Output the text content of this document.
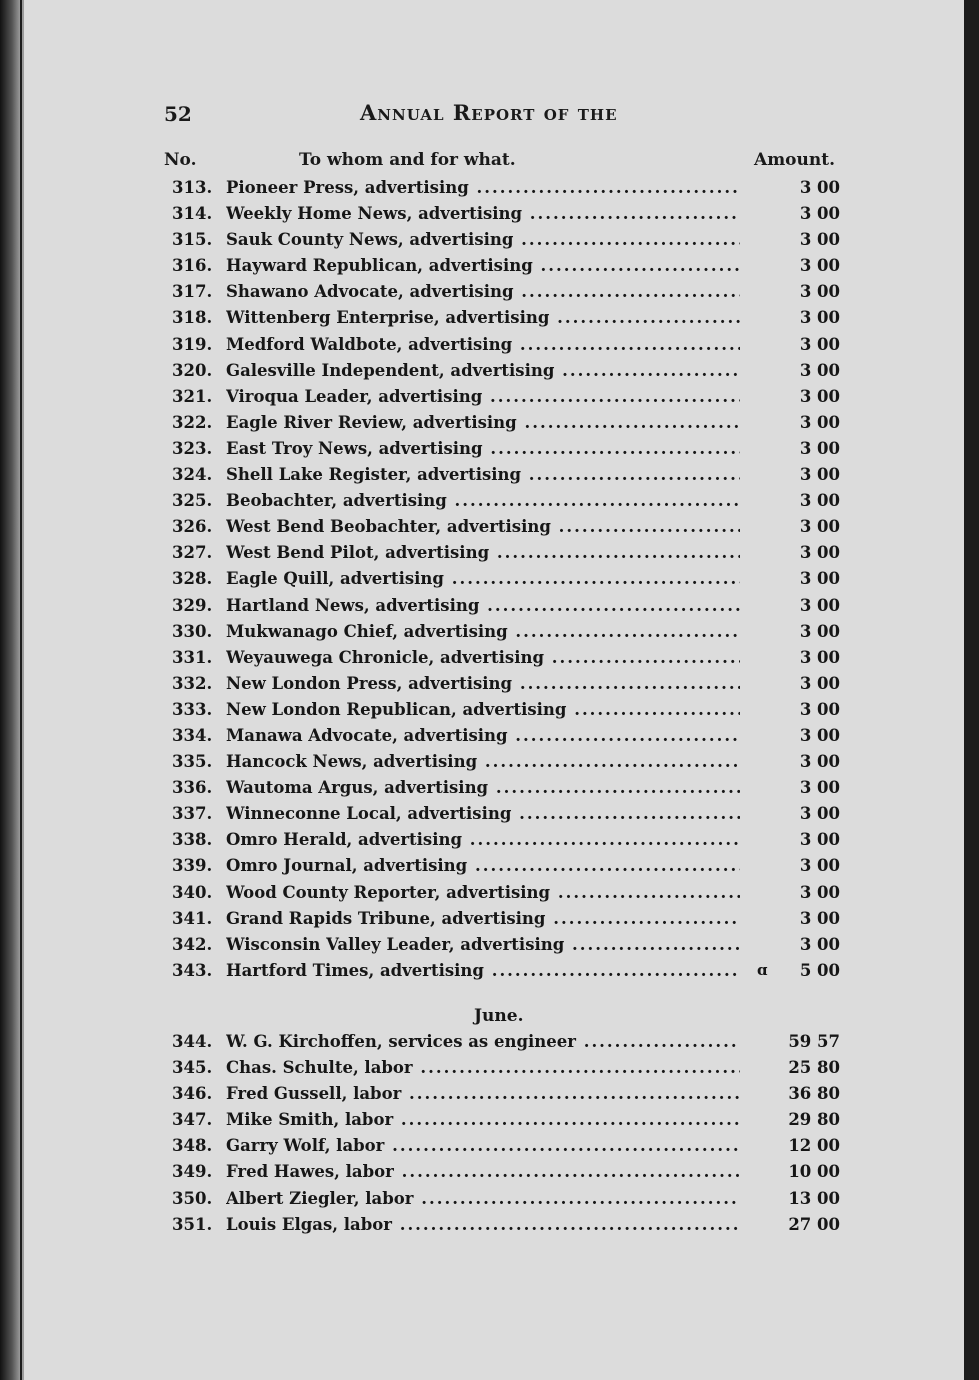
52	Annual Report of the
No.	To whom and for what.	Amount.
313. Pioneer Press, advertising .....	3 00
314. Weekly Home News, advertising .....	3 00
315. Sauk County News, advertising .....	3 00
316. Hayward Republican, advertising .....	3 00
317. Shawano Advocate, advertising .....	3 00
318. Wittenberg Enterprise, advertising .....	3 00
319. Medford Waldbote, advertising .....	3 00
320. Galesville Independent, advertising .....	3 00
321. Viroqua Leader, advertising .....	3 00
322. Eagle River Review, advertising .....	3 00
323. East Troy News, advertising .....	3 00
324. Shell Lake Register, advertising .....	3 00
325. Beobachter, advertising .....	3 00
326. West Bend Beobachter, advertising .....	3 00
327. West Bend Pilot, advertising .....	3 00
328. Eagle Quill, advertising .....	3 00
329. Hartland News, advertising .....	3 00
330. Mukwanago Chief, advertising .....	3 00
331. Weyauwega Chronicle, advertising .....	3 00
332. New London Press, advertising .....	3 00
333. New London Republican, advertising .....	3 00
334. Manawa Advocate, advertising .....	3 00
335. Hancock News, advertising .....	3 00
336. Wautoma Argus, advertising .....	3 00
337. Winneconne Local, advertising .....	3 00
338. Omro Herald, advertising .....	3 00
339. Omro Journal, advertising .....	3 00
340. Wood County Reporter, advertising .....	3 00
341. Grand Rapids Tribune, advertising .....	3 00
342. Wisconsin Valley Leader, advertising .....	3 00
343. Hartford Times, advertising .....	ɑ	5 00
June.
344. W. G. Kirchoffen, services as engineer .....	59 57
345. Chas. Schulte, labor .....	25 80
346. Fred Gussell, labor .....	36 80
347. Mike Smith, labor .....	29 80
348. Garry Wolf, labor .....	12 00
349. Fred Hawes, labor .....	10 00
350. Albert Ziegler, labor .....	13 00
351. Louis Elgas, labor .....	27 00
